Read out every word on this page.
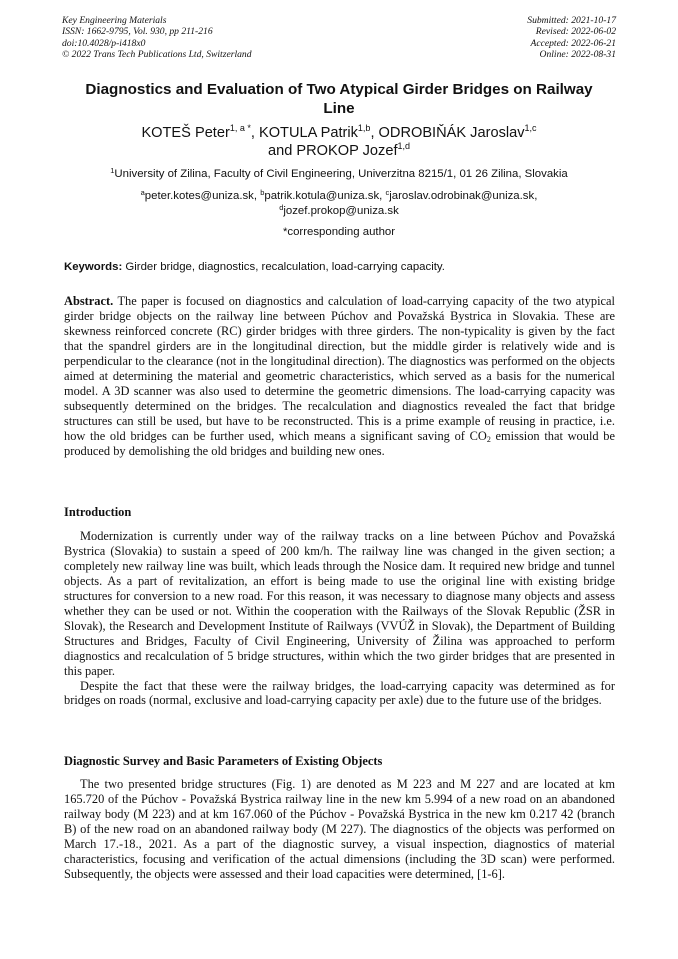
Key Engineering Materials
ISSN: 1662-9795, Vol. 930, pp 211-216
doi:10.4028/p-i418x0
© 2022 Trans Tech Publications Ltd, Switzerland
Submitted: 2021-10-17
Revised: 2022-06-02
Accepted: 2022-06-21
Online: 2022-08-31
Diagnostics and Evaluation of Two Atypical Girder Bridges on Railway Line
KOTEŠ Peter$^{1, a *}$, KOTULA Patrik$^{1,b}$, ODROBIŇÁK Jaroslav$^{1,c}$
and PROKOP Jozef$^{1,d}$
$^1$University of Zilina, Faculty of Civil Engineering, Univerzitna 8215/1, 01 26 Zilina, Slovakia
$^a$peter.kotes@uniza.sk, $^b$patrik.kotula@uniza.sk, $^c$jaroslav.odrobinak@uniza.sk,
$^d$jozef.prokop@uniza.sk
*corresponding author
Keywords: Girder bridge, diagnostics, recalculation, load-carrying capacity.
Abstract. The paper is focused on diagnostics and calculation of load-carrying capacity of the two atypical girder bridge objects on the railway line between Púchov and Považská Bystrica in Slovakia. These are skewness reinforced concrete (RC) girder bridges with three girders. The non-typicality is given by the fact that the spandrel girders are in the longitudinal direction, but the middle girder is relatively wide and is perpendicular to the clearance (not in the longitudinal direction). The diagnostics was performed on the objects aimed at determining the material and geometric characteristics, which served as a basis for the numerical model. A 3D scanner was also used to determine the geometric dimensions. The load-carrying capacity was subsequently determined on the bridges. The recalculation and diagnostics revealed the fact that bridge structures can still be used, but have to be reconstructed. This is a prime example of reusing in practice, i.e. how the old bridges can be further used, which means a significant saving of $CO_2$ emission that would be produced by demolishing the old bridges and building new ones.
Introduction
Modernization is currently under way of the railway tracks on a line between Púchov and Považská Bystrica (Slovakia) to sustain a speed of 200 km/h. The railway line was changed in the given section; a completely new railway line was built, which leads through the Nosice dam. It required new bridge and tunnel objects. As a part of revitalization, an effort is being made to use the original line with existing bridge structures for conversion to a new road. For this reason, it was necessary to diagnose many objects and assess whether they can be used or not. Within the cooperation with the Railways of the Slovak Republic (ŽSR in Slovak), the Research and Development Institute of Railways (VVÚŽ in Slovak), the Department of Building Structures and Bridges, Faculty of Civil Engineering, University of Žilina was approached to perform diagnostics and recalculation of 5 bridge structures, within which the two girder bridges that are presented in this paper.
Despite the fact that these were the railway bridges, the load-carrying capacity was determined as for bridges on roads (normal, exclusive and load-carrying capacity per axle) due to the future use of the bridges.
Diagnostic Survey and Basic Parameters of Existing Objects
The two presented bridge structures (Fig. 1) are denoted as M 223 and M 227 and are located at km 165.720 of the Púchov - Považská Bystrica railway line in the new km 5.994 of a new road on an abandoned railway body (M 223) and at km 167.060 of the Púchov - Považská Bystrica in the new km 0.217 42 (branch B) of the new road on an abandoned railway body (M 227). The diagnostics of the objects was performed on March 17.-18., 2021. As a part of the diagnostic survey, a visual inspection, diagnostics of material characteristics, focusing and verification of the actual dimensions (including the 3D scan) were performed. Subsequently, the objects were assessed and their load capacities were determined, [1-6].
